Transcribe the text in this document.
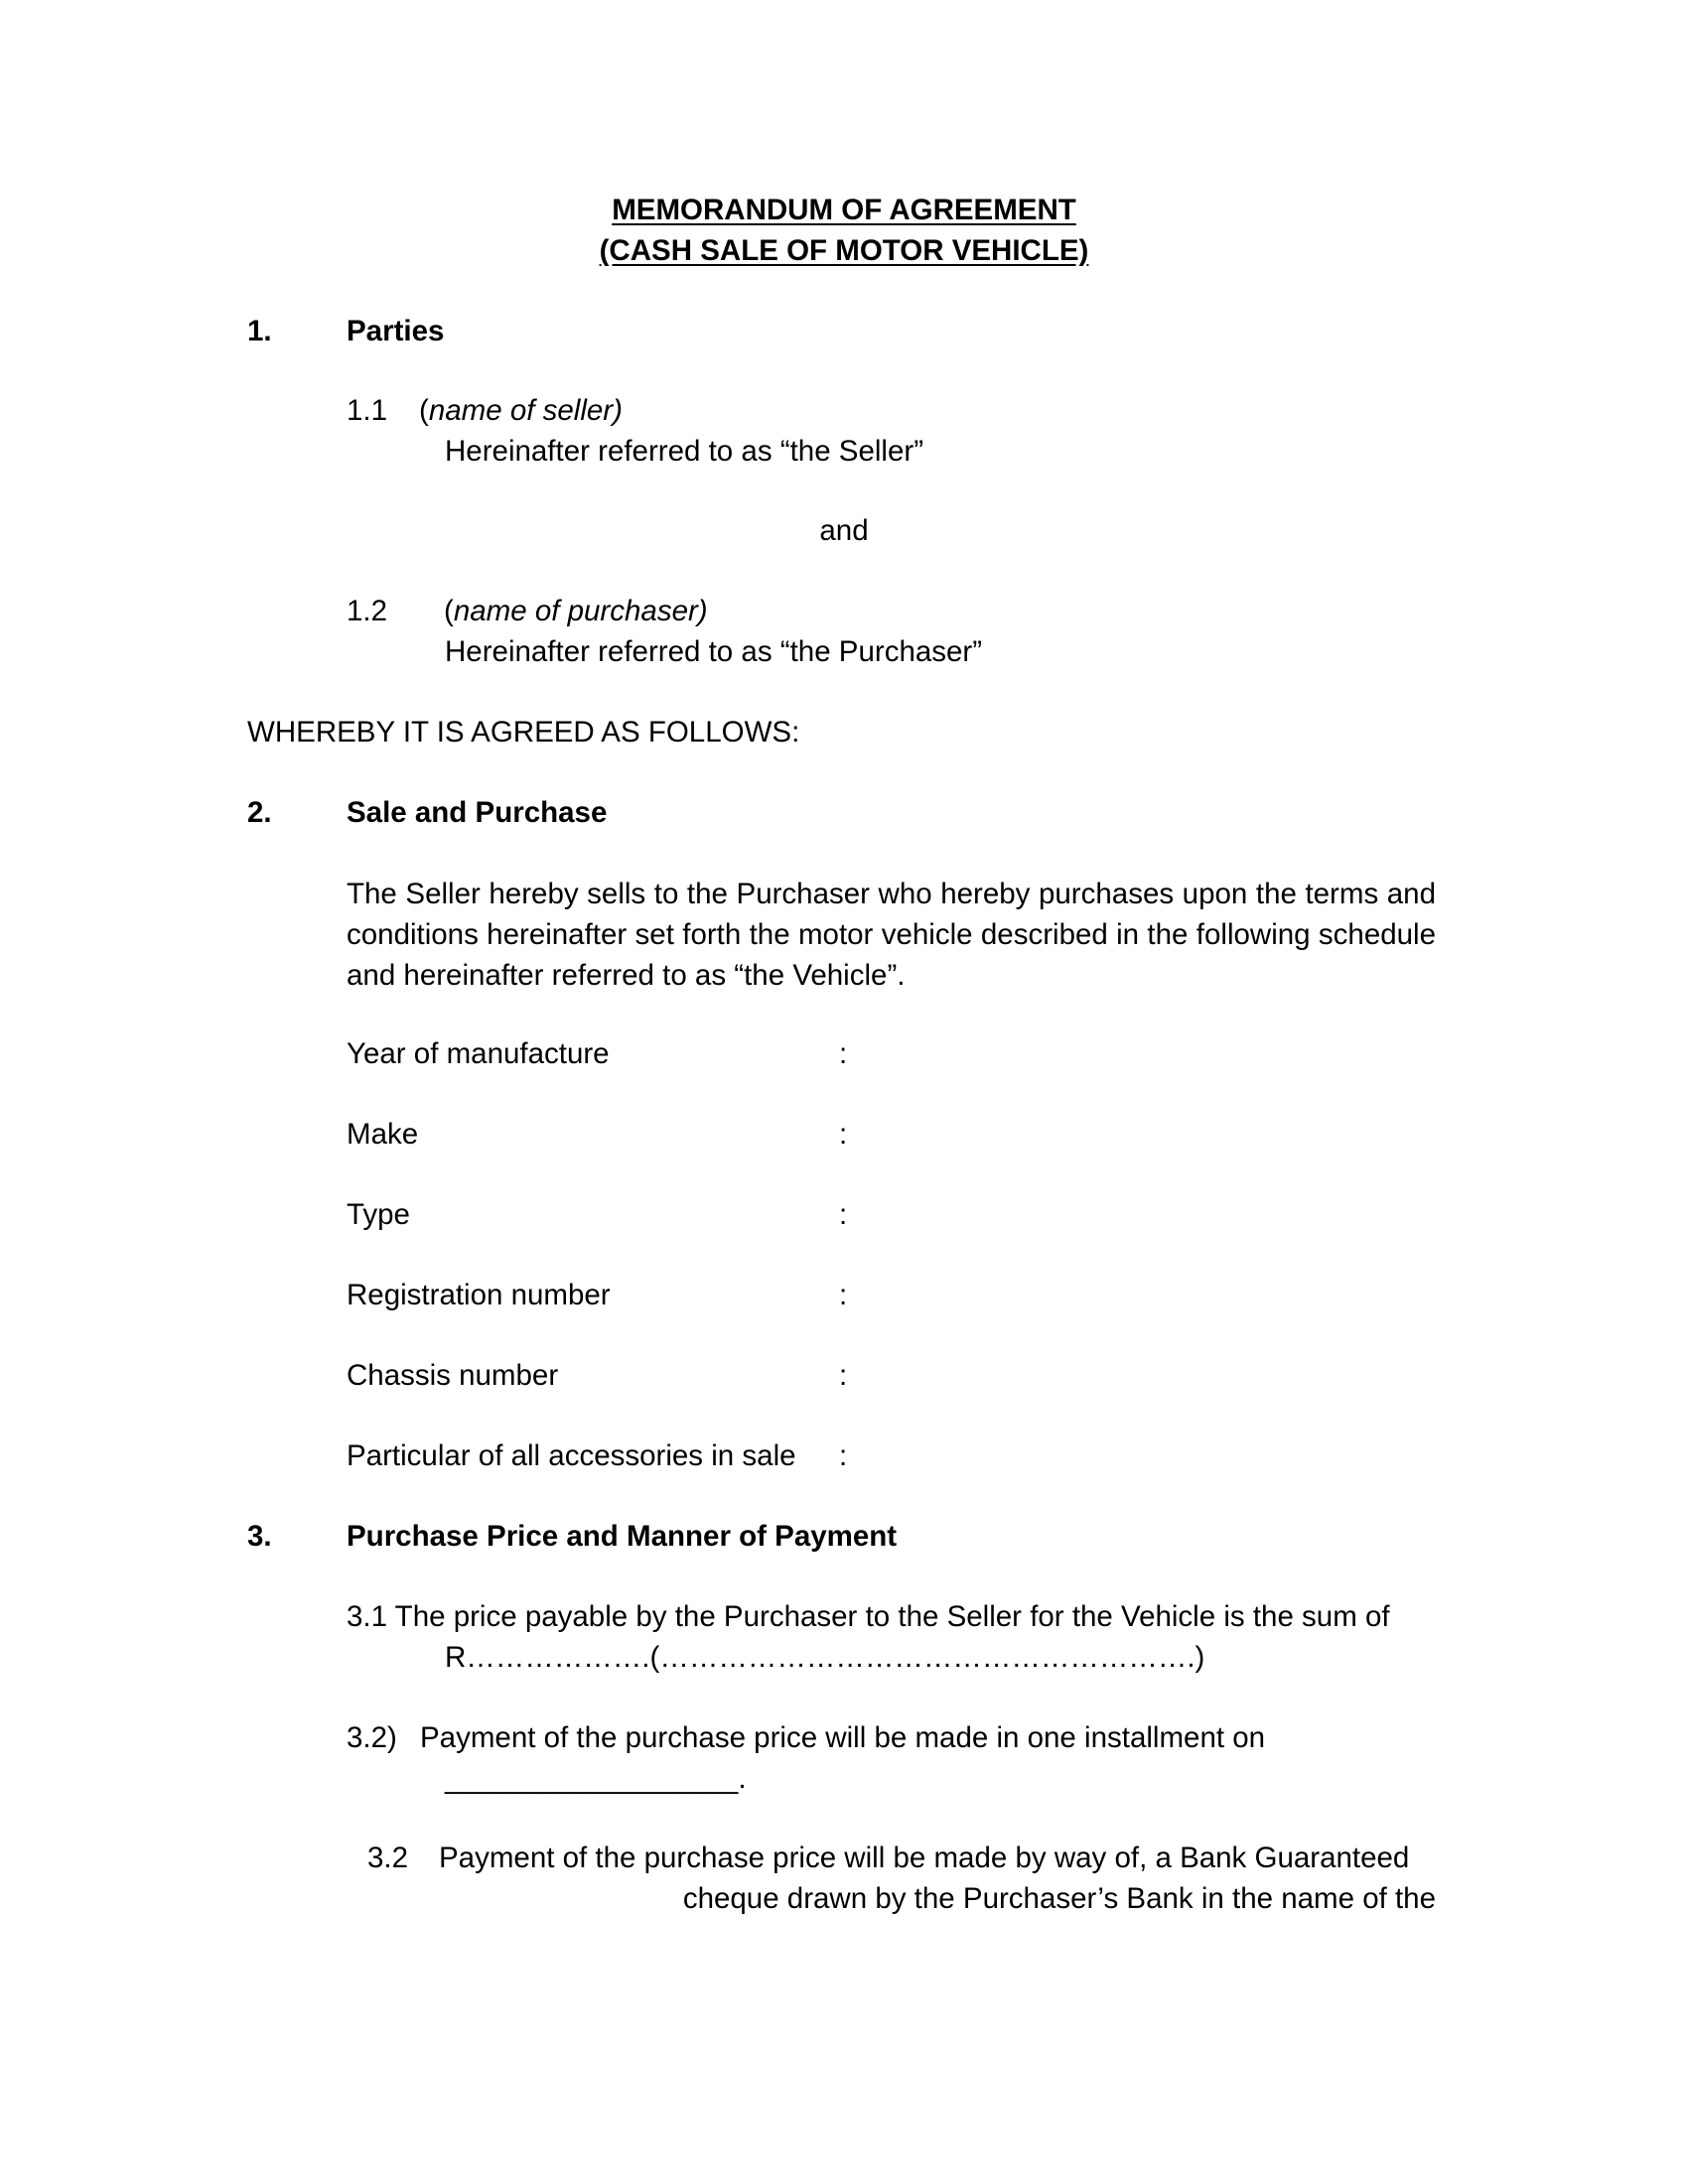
MEMORANDUM OF AGREEMENT
(CASH SALE OF MOTOR VEHICLE)
1.	Parties
1.1 (name of seller)
Hereinafter referred to as “the Seller”
and
1.2 (name of purchaser)
Hereinafter referred to as “the Purchaser”
WHEREBY IT IS AGREED AS FOLLOWS:
2.	Sale and Purchase
The Seller hereby sells to the Purchaser who hereby purchases upon the terms and conditions hereinafter set forth the motor vehicle described in the following schedule and hereinafter referred to as “the Vehicle”.
Year of manufacture	:
Make	:
Type	:
Registration number	:
Chassis number	:
Particular of all accessories in sale :
3.	Purchase Price and Manner of Payment
3.1 The price payable by the Purchaser to the Seller for the Vehicle is the sum of
R……………….(……………………………………………….)
3.2) Payment of the purchase price will be made in one installment on
__________________.
3.2 Payment of the purchase price will be made by way of, a Bank Guaranteed
cheque drawn by the Purchaser’s Bank in the name of the
